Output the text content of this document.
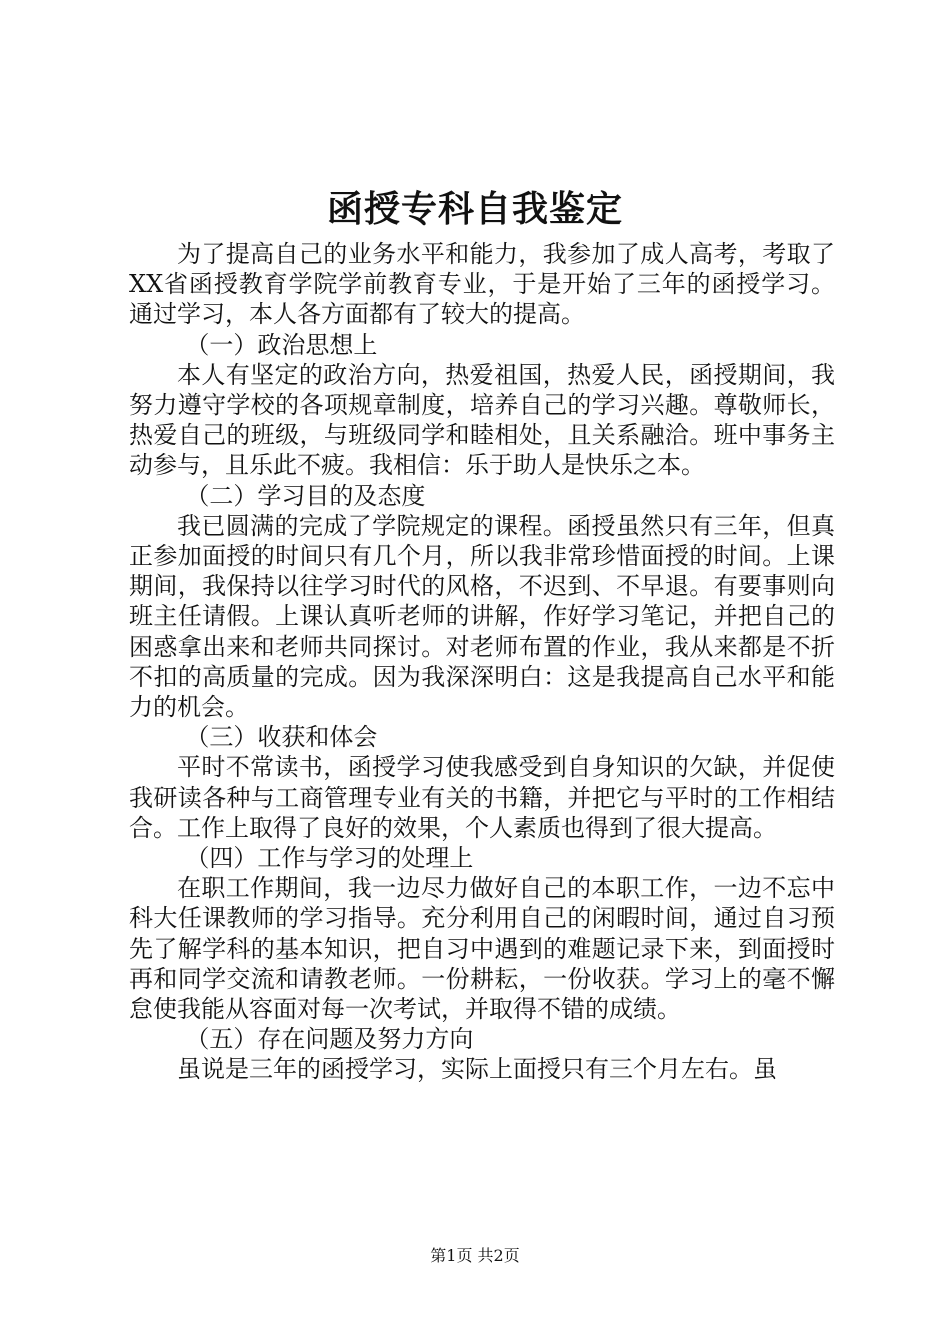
函授专科自我鉴定

为了提高自己的业务水平和能力，我参加了成人高考，考取了XX省函授教育学院学前教育专业，于是开始了三年的函授学习。通过学习，本人各方面都有了较大的提高。

（一）政治思想上

本人有坚定的政治方向，热爱祖国，热爱人民，函授期间，我努力遵守学校的各项规章制度，培养自己的学习兴趣。尊敬师长，热爱自己的班级，与班级同学和睦相处，且关系融洽。班中事务主动参与，且乐此不疲。我相信：乐于助人是快乐之本。

（二）学习目的及态度

我已圆满的完成了学院规定的课程。函授虽然只有三年，但真正参加面授的时间只有几个月，所以我非常珍惜面授的时间。上课期间，我保持以往学习时代的风格，不迟到、不早退。有要事则向班主任请假。上课认真听老师的讲解，作好学习笔记，并把自己的困惑拿出来和老师共同探讨。对老师布置的作业，我从来都是不折不扣的高质量的完成。因为我深深明白：这是我提高自己水平和能力的机会。

（三）收获和体会

平时不常读书，函授学习使我感受到自身知识的欠缺，并促使我研读各种与工商管理专业有关的书籍，并把它与平时的工作相结合。工作上取得了良好的效果，个人素质也得到了很大提高。

（四）工作与学习的处理上

在职工作期间，我一边尽力做好自己的本职工作，一边不忘中科大任课教师的学习指导。充分利用自己的闲暇时间，通过自习预先了解学科的基本知识，把自习中遇到的难题记录下来，到面授时再和同学交流和请教老师。一份耕耘，一份收获。学习上的毫不懈怠使我能从容面对每一次考试，并取得不错的成绩。

（五）存在问题及努力方向

虽说是三年的函授学习，实际上面授只有三个月左右。虽

第1页 共2页
